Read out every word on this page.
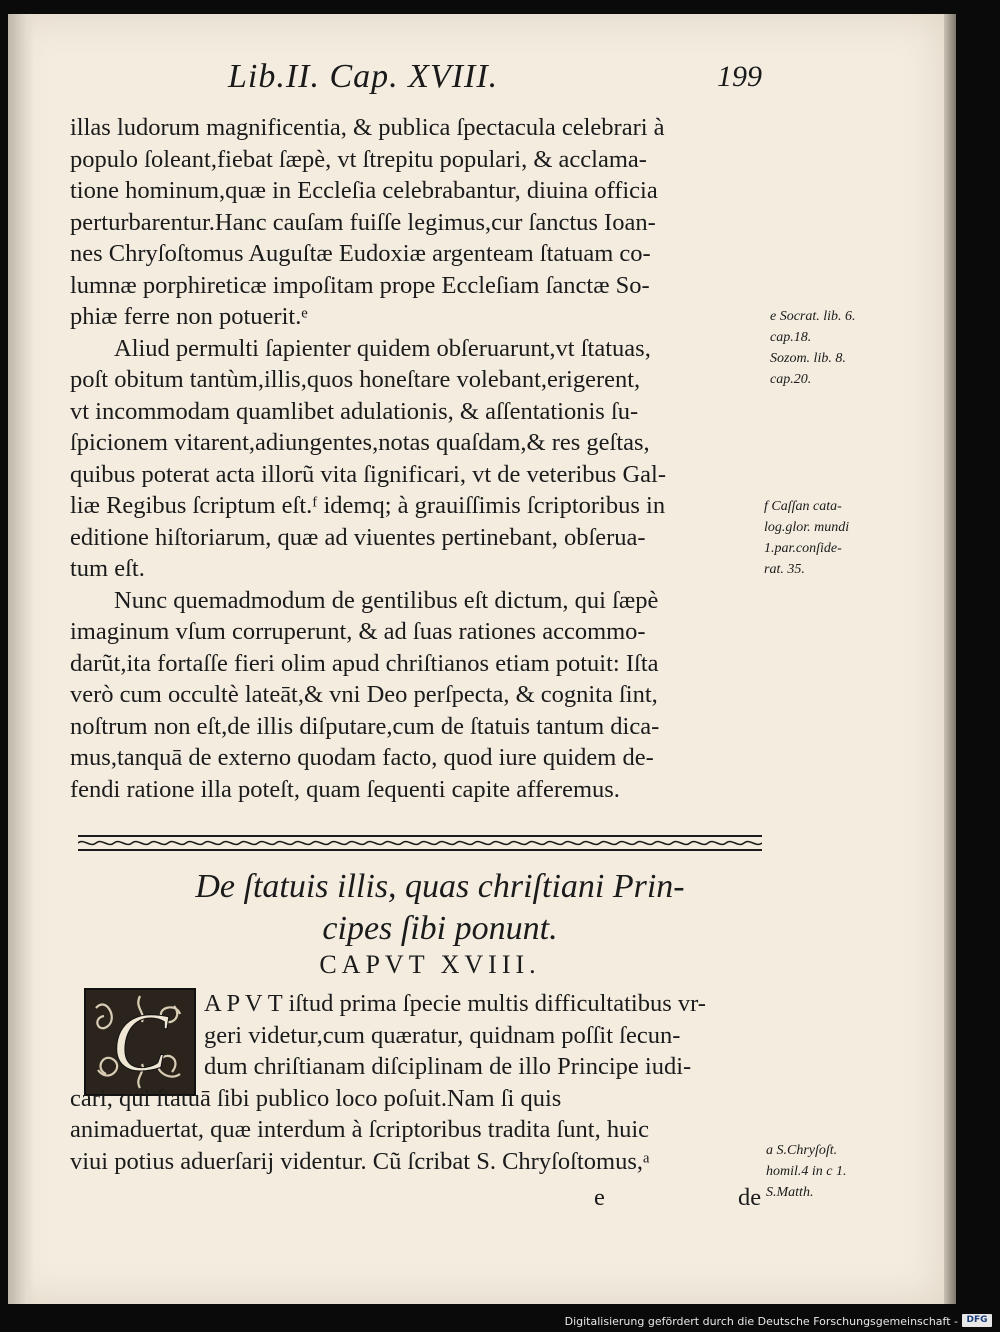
Lib.II. Cap. XVIII.	199
illas ludorum magnificentia, & publica ſpectacula celebrari à
populo ſoleant,fiebat ſæpè, vt ſtrepitu populari, & acclama-
tione hominum,quæ in Eccleſia celebrabantur, diuina officia
perturbarentur.Hanc cauſam fuiſſe legimus,cur ſanctus Ioan-
nes Chryſoſtomus Auguſtæ Eudoxiæ argenteam ſtatuam co-
lumnæ porphireticæ impoſitam prope Eccleſiam ſanctæ So-
phiæ ferre non potuerit.ᵉ
Aliud permulti ſapienter quidem obſeruarunt,vt ſtatuas,
poſt obitum tantùm,illis,quos honeſtare volebant,erigerent,
vt incommodam quamlibet adulationis, & aſſentationis ſu-
ſpicionem vitarent,adiungentes,notas quaſdam,& res geſtas,
quibus poterat acta illorũ vita ſignificari, vt de veteribus Gal-
liæ Regibus ſcriptum eſt.ᶠ idemq; à grauiſſimis ſcriptoribus in
editione hiſtoriarum, quæ ad viuentes pertinebant, obſerua-
tum eſt.
Nunc quemadmodum de gentilibus eſt dictum, qui ſæpè
imaginum vſum corruperunt, & ad ſuas rationes accommo-
darũt,ita fortaſſe fieri olim apud chriſtianos etiam potuit: Iſta
verò cum occultè lateāt,& vni Deo perſpecta, & cognita ſint,
noſtrum non eſt,de illis diſputare,cum de ſtatuis tantum dica-
mus,tanquā de externo quodam facto, quod iure quidem de-
fendi ratione illa poteſt, quam ſequenti capite afferemus.
e Socrat. lib. 6.
cap.18.
Sozom. lib. 8.
cap.20.
f Caſſan cata-
log.glor. mundi
1.par.conſide-
rat. 35.
De ſtatuis illis, quas chriſtiani Prin-
cipes ſibi ponunt.
CAPVT XVIII.
C	A P V T iſtud prima ſpecie multis difficultatibus vr-
geri videtur,cum quæratur, quidnam poſſit ſecun-
dum chriſtianam diſciplinam de illo Principe iudi-
cari, qui ſtatuā ſibi publico loco poſuit.Nam ſi quis
animaduertat, quæ interdum à ſcriptoribus tradita ſunt, huic
viui potius aduerſarij videntur. Cũ ſcribat S. Chryſoſtomus,ᵃ	a S.Chryſoſt.
homil.4 in c 1.
S.Matth.
e	de
Digitalisierung gefördert durch die Deutsche Forschungsgemeinschaft - DFG
